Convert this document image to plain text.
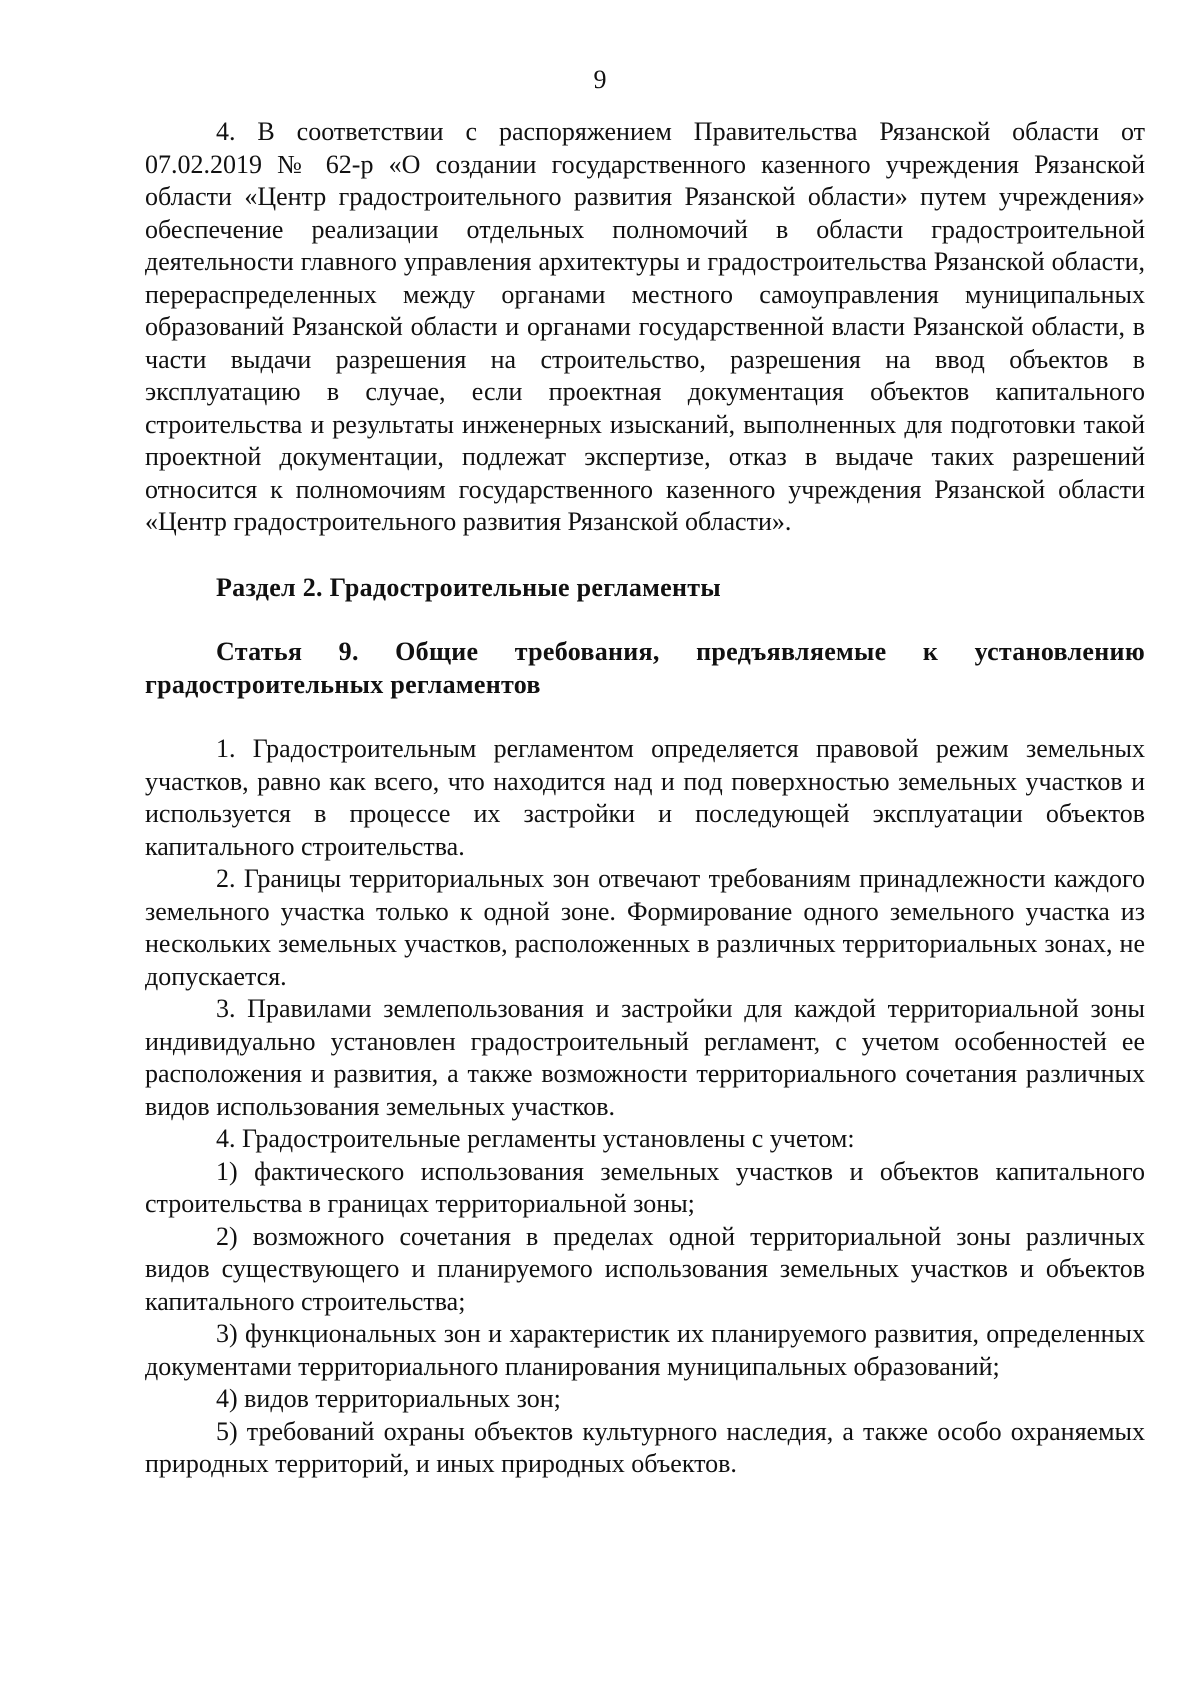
9

4. В соответствии с распоряжением Правительства Рязанской области от 07.02.2019 № 62-р «О создании государственного казенного учреждения Рязанской области «Центр градостроительного развития Рязанской области» путем учреждения» обеспечение реализации отдельных полномочий в области градостроительной деятельности главного управления архитектуры и градостроительства Рязанской области, перераспределенных между органами местного самоуправления муниципальных образований Рязанской области и органами государственной власти Рязанской области, в части выдачи разрешения на строительство, разрешения на ввод объектов в эксплуатацию в случае, если проектная документация объектов капитального строительства и результаты инженерных изысканий, выполненных для подготовки такой проектной документации, подлежат экспертизе, отказ в выдаче таких разрешений относится к полномочиям государственного казенного учреждения Рязанской области «Центр градостроительного развития Рязанской области».

Раздел 2. Градостроительные регламенты

Статья 9. Общие требования, предъявляемые к установлению градостроительных регламентов

1. Градостроительным регламентом определяется правовой режим земельных участков, равно как всего, что находится над и под поверхностью земельных участков и используется в процессе их застройки и последующей эксплуатации объектов капитального строительства.

2. Границы территориальных зон отвечают требованиям принадлежности каждого земельного участка только к одной зоне. Формирование одного земельного участка из нескольких земельных участков, расположенных в различных территориальных зонах, не допускается.

3. Правилами землепользования и застройки для каждой территориальной зоны индивидуально установлен градостроительный регламент, с учетом особенностей ее расположения и развития, а также возможности территориального сочетания различных видов использования земельных участков.

4. Градостроительные регламенты установлены с учетом:

1) фактического использования земельных участков и объектов капитального строительства в границах территориальной зоны;

2) возможного сочетания в пределах одной территориальной зоны различных видов существующего и планируемого использования земельных участков и объектов капитального строительства;

3) функциональных зон и характеристик их планируемого развития, определенных документами территориального планирования муниципальных образований;

4) видов территориальных зон;

5) требований охраны объектов культурного наследия, а также особо охраняемых природных территорий, и иных природных объектов.
